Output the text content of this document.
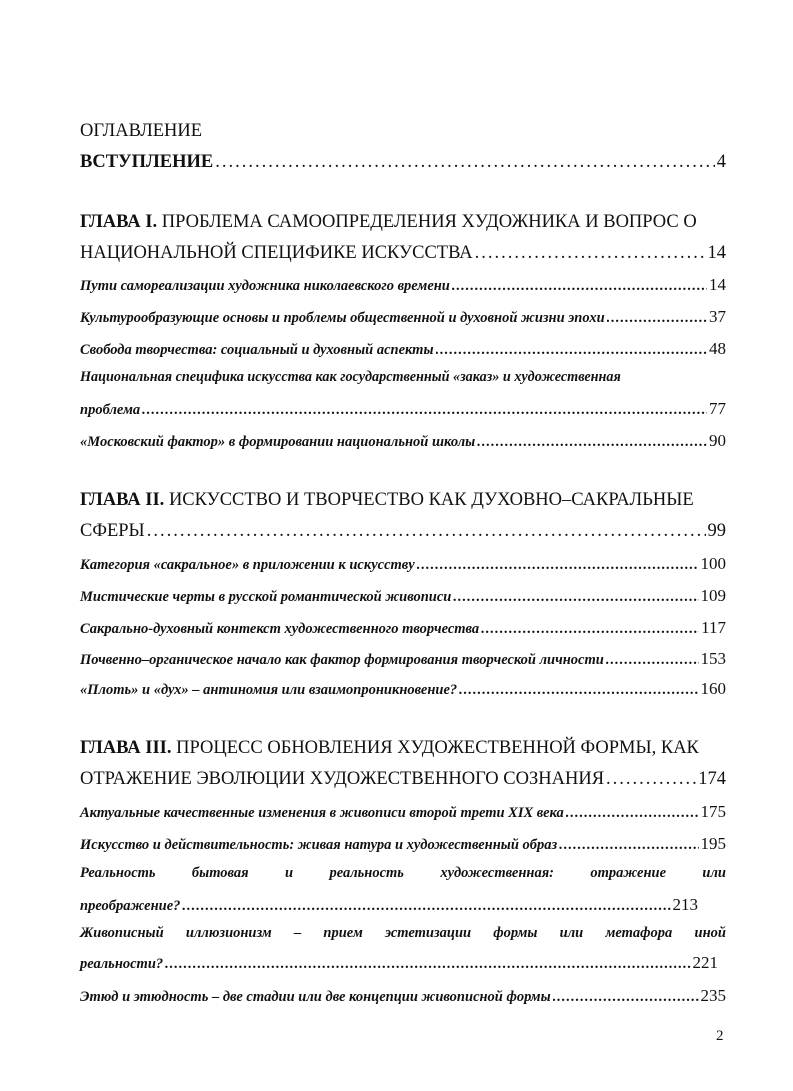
ОГЛАВЛЕНИЕ
ВСТУПЛЕНИЕ .....	4
ГЛАВА I. ПРОБЛЕМА САМООПРЕДЕЛЕНИЯ ХУДОЖНИКА И ВОПРОС О
НАЦИОНАЛЬНОЙ СПЕЦИФИКЕ ИСКУССТВА .....	14
Пути самореализации художника николаевского времени .....	14
Культурообразующие основы и проблемы общественной и духовной жизни эпохи .....	37
Свобода творчества: социальный и духовный аспекты .....	48
Национальная специфика искусства как государственный «заказ» и художественная
проблема .....	77
«Московский фактор» в формировании национальной школы .....	90
ГЛАВА II. ИСКУССТВО И ТВОРЧЕСТВО КАК ДУХОВНО–САКРАЛЬНЫЕ
СФЕРЫ .....	99
Категория «сакральное» в приложении к искусству .....	100
Мистические черты в русской романтической живописи .....	109
Сакрально-духовный контекст художественного творчества .....	117
Почвенно–органическое начало как фактор формирования творческой личности .....	153
«Плоть» и «дух» – антиномия или взаимопроникновение? .....	160
ГЛАВА III. ПРОЦЕСС ОБНОВЛЕНИЯ ХУДОЖЕСТВЕННОЙ ФОРМЫ, КАК
ОТРАЖЕНИЕ ЭВОЛЮЦИИ ХУДОЖЕСТВЕННОГО СОЗНАНИЯ .....	174
Актуальные качественные изменения в живописи второй трети XIX века .....	175
Искусство и действительность: живая натура и художественный образ .....	195
Реальность	бытовая	и	реальность	художественная:	отражение	или
преображение? .....	213
Живописный иллюзионизм – прием эстетизации формы или метафора иной
реальности? .....	221
Этюд и этюдность – две стадии или две концепции живописной формы .....	235
2
